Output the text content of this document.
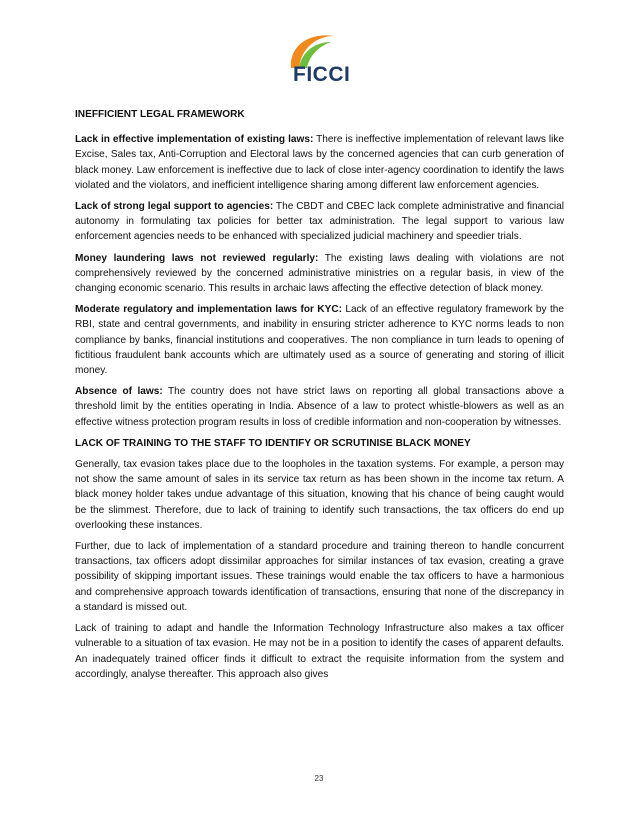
FICCI
INEFFICIENT LEGAL FRAMEWORK

Lack in effective implementation of existing laws: There is ineffective implementation of relevant laws like Excise, Sales tax, Anti-Corruption and Electoral laws by the concerned agencies that can curb generation of black money. Law enforcement is ineffective due to lack of close inter-agency coordination to identify the laws violated and the violators, and inefficient intelligence sharing among different law enforcement agencies.

Lack of strong legal support to agencies: The CBDT and CBEC lack complete administrative and financial autonomy in formulating tax policies for better tax administration. The legal support to various law enforcement agencies needs to be enhanced with specialized judicial machinery and speedier trials.

Money laundering laws not reviewed regularly: The existing laws dealing with violations are not comprehensively reviewed by the concerned administrative ministries on a regular basis, in view of the changing economic scenario. This results in archaic laws affecting the effective detection of black money.

Moderate regulatory and implementation laws for KYC: Lack of an effective regulatory framework by the RBI, state and central governments, and inability in ensuring stricter adherence to KYC norms leads to non compliance by banks, financial institutions and cooperatives. The non compliance in turn leads to opening of fictitious fraudulent bank accounts which are ultimately used as a source of generating and storing of illicit money.

Absence of laws: The country does not have strict laws on reporting all global transactions above a threshold limit by the entities operating in India. Absence of a law to protect whistle-blowers as well as an effective witness protection program results in loss of credible information and non-cooperation by witnesses.

LACK OF TRAINING TO THE STAFF TO IDENTIFY OR SCRUTINISE BLACK MONEY

Generally, tax evasion takes place due to the loopholes in the taxation systems. For example, a person may not show the same amount of sales in its service tax return as has been shown in the income tax return. A black money holder takes undue advantage of this situation, knowing that his chance of being caught would be the slimmest. Therefore, due to lack of training to identify such transactions, the tax officers do end up overlooking these instances.

Further, due to lack of implementation of a standard procedure and training thereon to handle concurrent transactions, tax officers adopt dissimilar approaches for similar instances of tax evasion, creating a grave possibility of skipping important issues. These trainings would enable the tax officers to have a harmonious and comprehensive approach towards identification of transactions, ensuring that none of the discrepancy in a standard is missed out.

Lack of training to adapt and handle the Information Technology Infrastructure also makes a tax officer vulnerable to a situation of tax evasion. He may not be in a position to identify the cases of apparent defaults. An inadequately trained officer finds it difficult to extract the requisite information from the system and accordingly, analyse thereafter. This approach also gives

23
